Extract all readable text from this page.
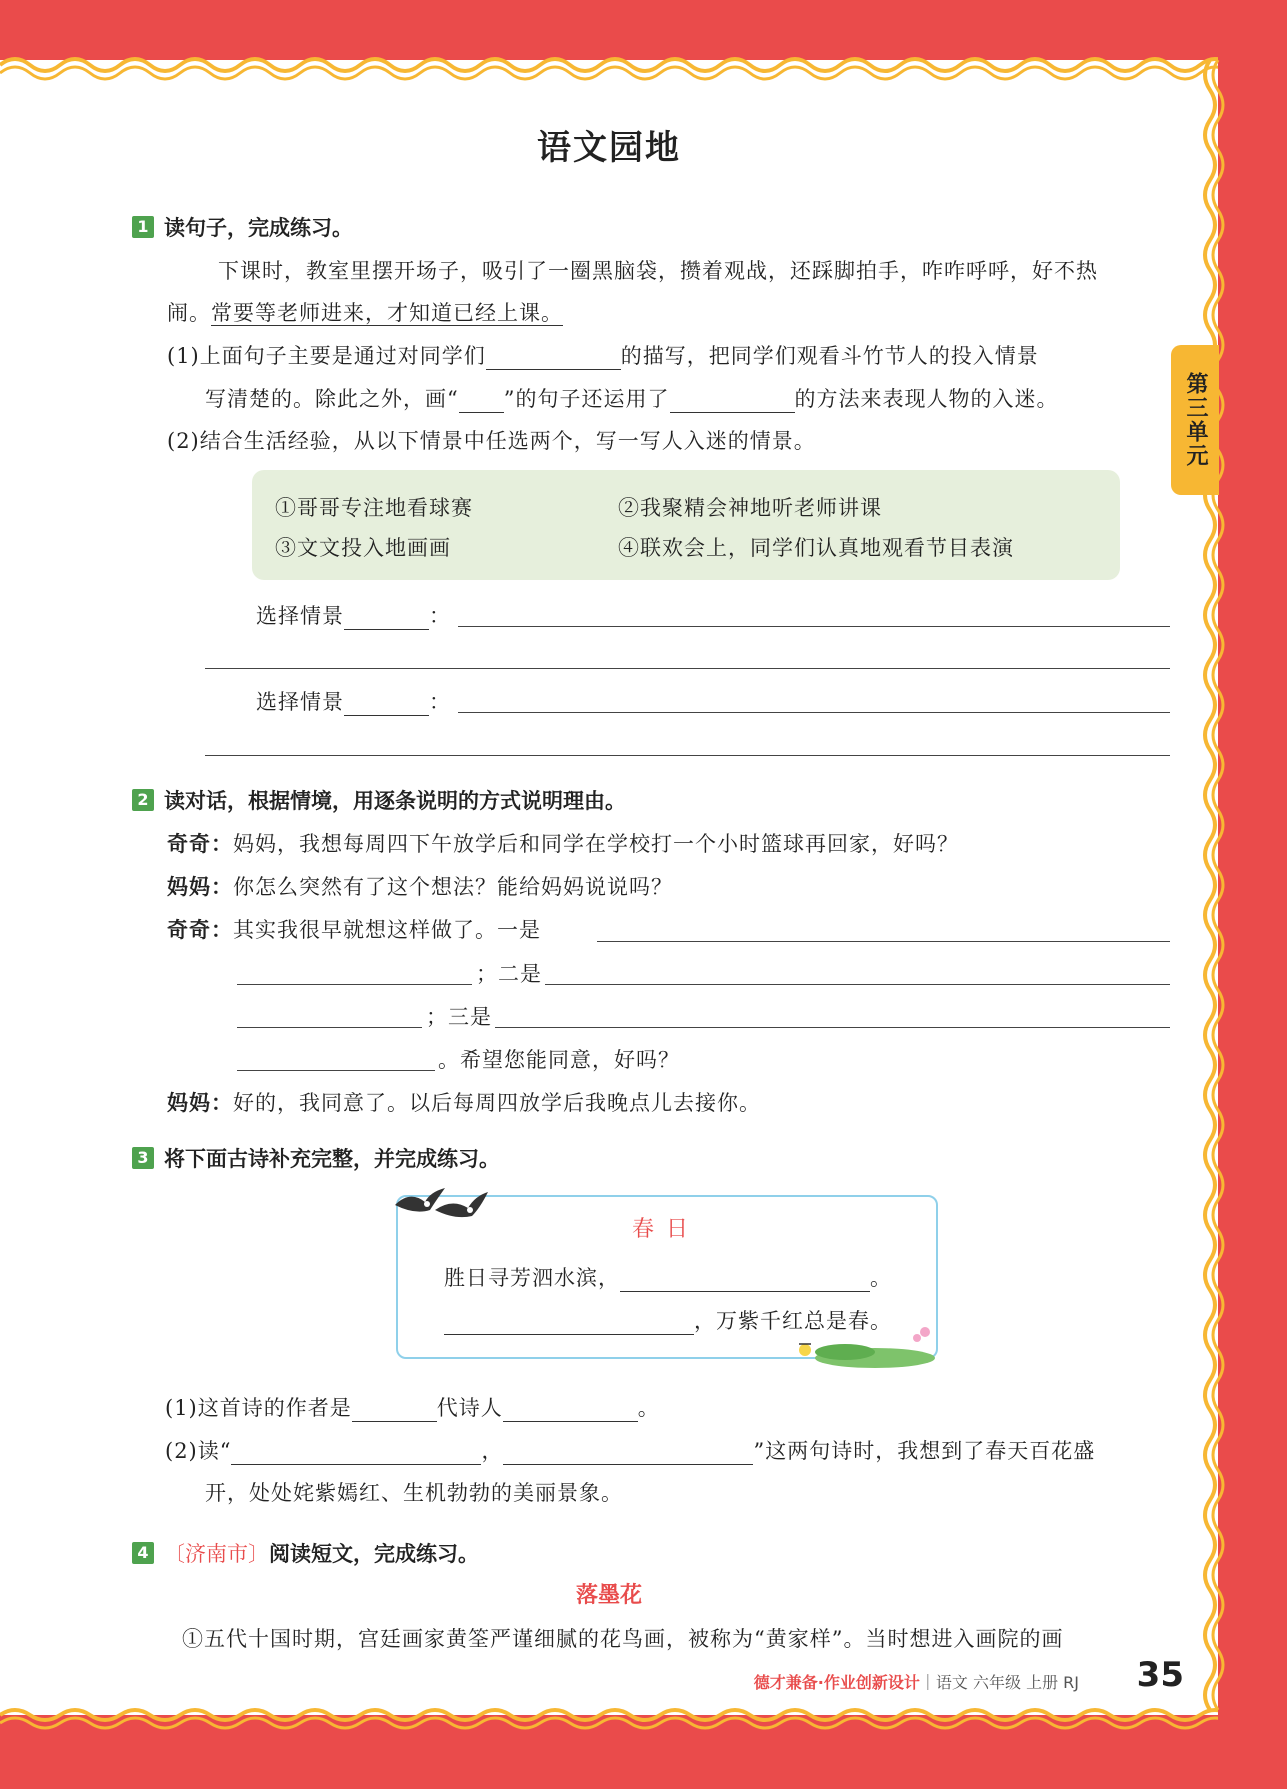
语文园地
第三单元
1 读句子，完成练习。
下课时，教室里摆开场子，吸引了一圈黑脑袋，攒着观战，还踩脚拍手，咋咋呼呼，好不热
闹。常要等老师进来，才知道已经上课。
(1)上面句子主要是通过对同学们	的描写，把同学们观看斗竹节人的投入情景
写清楚的。除此之外，画“ ”的句子还运用了	的方法来表现人物的入迷。
(2)结合生活经验，从以下情景中任选两个，写一写人入迷的情景。
①哥哥专注地看球赛	②我聚精会神地听老师讲课
③文文投入地画画	④联欢会上，同学们认真地观看节目表演
选择情景	：
选择情景	：
2 读对话，根据情境，用逐条说明的方式说明理由。
奇奇：妈妈，我想每周四下午放学后和同学在学校打一个小时篮球再回家，好吗？
妈妈：你怎么突然有了这个想法？能给妈妈说说吗？
奇奇：其实我很早就想这样做了。一是
；二是
；三是
。希望您能同意，好吗？
妈妈：好的，我同意了。以后每周四放学后我晚点儿去接你。
3 将下面古诗补充完整，并完成练习。
春日
胜日寻芳泗水滨，	。
，万紫千红总是春。
(1)这首诗的作者是	代诗人	。
(2)读“	，	”这两句诗时，我想到了春天百花盛
开，处处姹紫嫣红、生机勃勃的美丽景象。
4 〔济南市〕 阅读短文，完成练习。
落墨花
①五代十国时期，宫廷画家黄筌严谨细腻的花鸟画，被称为“黄家样”。当时想进入画院的画
德才兼备·作业创新设计｜语文 六年级 上册 RJ 35
